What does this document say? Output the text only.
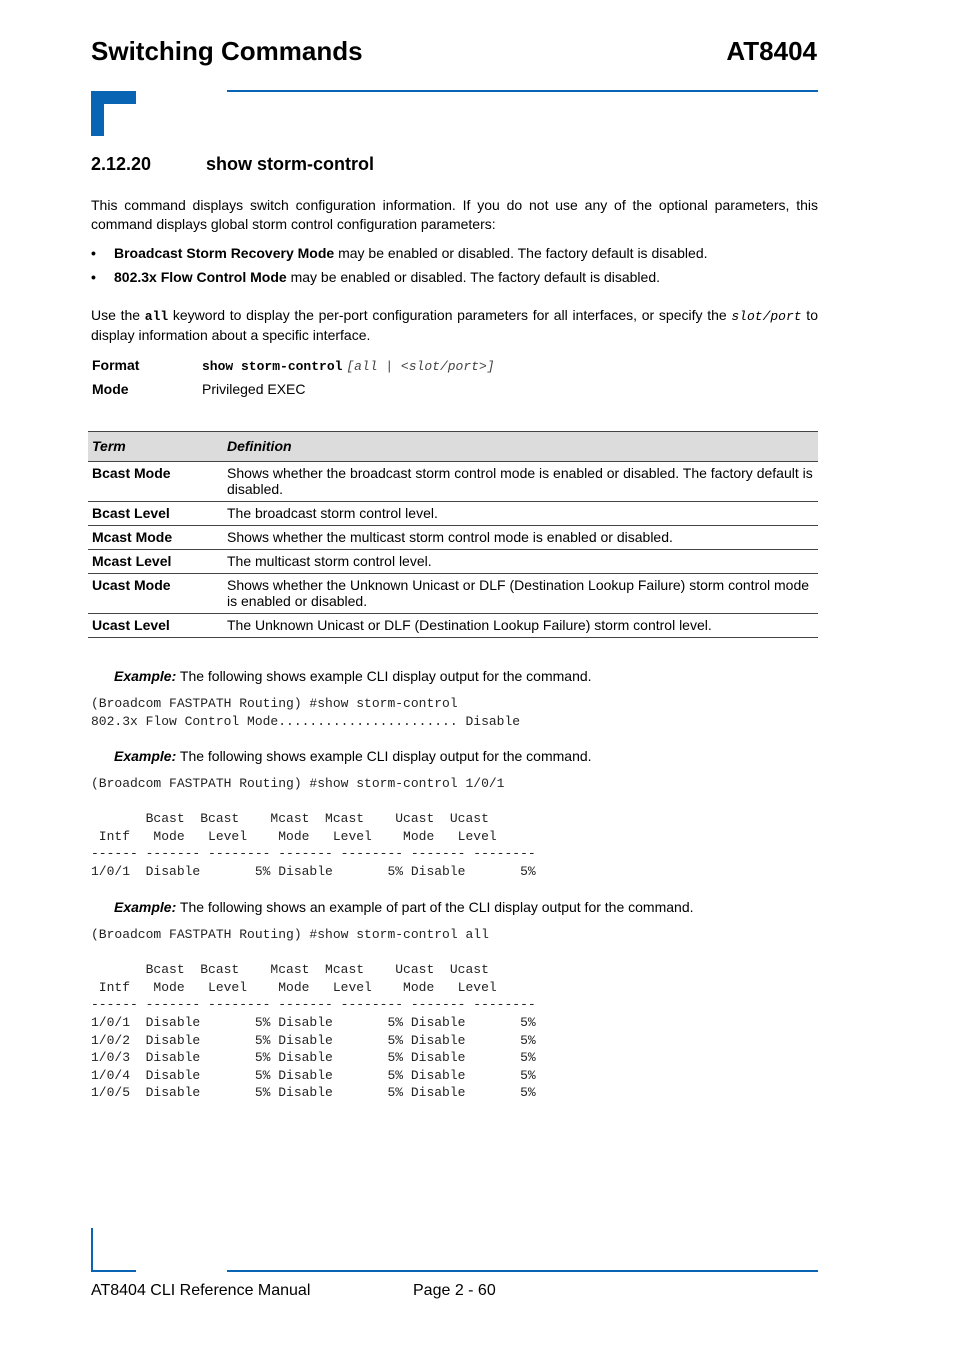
Switching Commands	AT8404
2.12.20	show storm-control
This command displays switch configuration information. If you do not use any of the optional parameters, this command displays global storm control configuration parameters:
• Broadcast Storm Recovery Mode may be enabled or disabled. The factory default is disabled.
• 802.3x Flow Control Mode may be enabled or disabled. The factory default is disabled.
Use the all keyword to display the per-port configuration parameters for all interfaces, or specify the slot/port to display information about a specific interface.
Format	show storm-control [all | <slot/port>]
Mode	Privileged EXEC
Term	Definition
Bcast Mode	Shows whether the broadcast storm control mode is enabled or disabled. The factory default is disabled.
Bcast Level	The broadcast storm control level.
Mcast Mode	Shows whether the multicast storm control mode is enabled or disabled.
Mcast Level	The multicast storm control level.
Ucast Mode	Shows whether the Unknown Unicast or DLF (Destination Lookup Failure) storm control mode is enabled or disabled.
Ucast Level	The Unknown Unicast or DLF (Destination Lookup Failure) storm control level.
Example: The following shows example CLI display output for the command.
(Broadcom FASTPATH Routing) #show storm-control
802.3x Flow Control Mode....................... Disable
Example: The following shows example CLI display output for the command.
(Broadcom FASTPATH Routing) #show storm-control 1/0/1

Bcast  Bcast    Mcast  Mcast    Ucast  Ucast
Intf   Mode   Level    Mode   Level    Mode   Level
------ ------- -------- ------- -------- ------- --------
1/0/1  Disable       5% Disable       5% Disable       5%
Example: The following shows an example of part of the CLI display output for the command.
(Broadcom FASTPATH Routing) #show storm-control all

Bcast  Bcast    Mcast  Mcast    Ucast  Ucast
Intf   Mode   Level    Mode   Level    Mode   Level
------ ------- -------- ------- -------- ------- --------
1/0/1  Disable       5% Disable       5% Disable       5%
1/0/2  Disable       5% Disable       5% Disable       5%
1/0/3  Disable       5% Disable       5% Disable       5%
1/0/4  Disable       5% Disable       5% Disable       5%
1/0/5  Disable       5% Disable       5% Disable       5%
AT8404 CLI Reference Manual	Page 2 - 60
